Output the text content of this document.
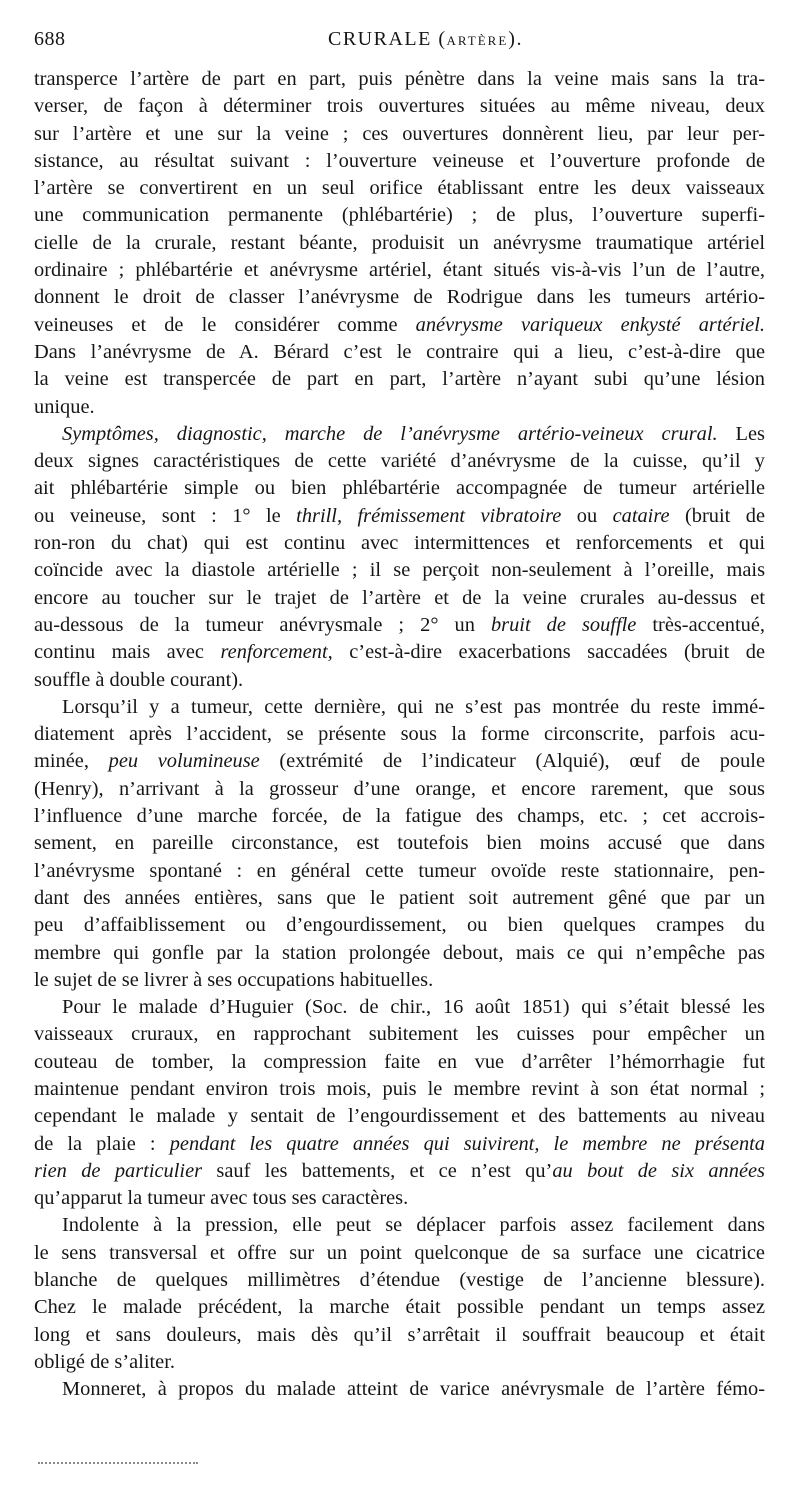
688	CRURALE (ARTÈRE).
transperce l’artère de part en part, puis pénètre dans la veine mais sans la tra-
verser, de façon à déterminer trois ouvertures situées au même niveau, deux
sur l’artère et une sur la veine ; ces ouvertures donnèrent lieu, par leur per-
sistance, au résultat suivant : l’ouverture veineuse et l’ouverture profonde de
l’artère se convertirent en un seul orifice établissant entre les deux vaisseaux
une communication permanente (phlébartérie) ; de plus, l’ouverture superfi-
cielle de la crurale, restant béante, produisit un anévrysme traumatique artériel
ordinaire ; phlébartérie et anévrysme artériel, étant situés vis-à-vis l’un de l’autre,
donnent le droit de classer l’anévrysme de Rodrigue dans les tumeurs artério-
veineuses et de le considérer comme anévrysme variqueux enkysté artériel.
Dans l’anévrysme de A. Bérard c’est le contraire qui a lieu, c’est-à-dire que
la veine est transpercée de part en part, l’artère n’ayant subi qu’une lésion
unique.
Symptômes, diagnostic, marche de l’anévrysme artério-veineux crural. Les
deux signes caractéristiques de cette variété d’anévrysme de la cuisse, qu’il y
ait phlébartérie simple ou bien phlébartérie accompagnée de tumeur artérielle
ou veineuse, sont : 1° le thrill, frémissement vibratoire ou cataire (bruit de
ron-ron du chat) qui est continu avec intermittences et renforcements et qui
coïncide avec la diastole artérielle ; il se perçoit non-seulement à l’oreille, mais
encore au toucher sur le trajet de l’artère et de la veine crurales au-dessus et
au-dessous de la tumeur anévrysmale ; 2° un bruit de souffle très-accentué,
continu mais avec renforcement, c’est-à-dire exacerbations saccadées (bruit de
souffle à double courant).
Lorsqu’il y a tumeur, cette dernière, qui ne s’est pas montrée du reste immé-
diatement après l’accident, se présente sous la forme circonscrite, parfois acu-
minée, peu volumineuse (extrémité de l’indicateur (Alquié), œuf de poule
(Henry), n’arrivant à la grosseur d’une orange, et encore rarement, que sous
l’influence d’une marche forcée, de la fatigue des champs, etc. ; cet accrois-
sement, en pareille circonstance, est toutefois bien moins accusé que dans
l’anévrysme spontané : en général cette tumeur ovoïde reste stationnaire, pen-
dant des années entières, sans que le patient soit autrement gêné que par un
peu d’affaiblissement ou d’engourdissement, ou bien quelques crampes du
membre qui gonfle par la station prolongée debout, mais ce qui n’empêche pas
le sujet de se livrer à ses occupations habituelles.
Pour le malade d’Huguier (Soc. de chir., 16 août 1851) qui s’était blessé les
vaisseaux cruraux, en rapprochant subitement les cuisses pour empêcher un
couteau de tomber, la compression faite en vue d’arrêter l’hémorrhagie fut
maintenue pendant environ trois mois, puis le membre revint à son état normal ;
cependant le malade y sentait de l’engourdissement et des battements au niveau
de la plaie : pendant les quatre années qui suivirent, le membre ne présenta
rien de particulier sauf les battements, et ce n’est qu’au bout de six années
qu’apparut la tumeur avec tous ses caractères.
Indolente à la pression, elle peut se déplacer parfois assez facilement dans
le sens transversal et offre sur un point quelconque de sa surface une cicatrice
blanche de quelques millimètres d’étendue (vestige de l’ancienne blessure).
Chez le malade précédent, la marche était possible pendant un temps assez
long et sans douleurs, mais dès qu’il s’arrêtait il souffrait beaucoup et était
obligé de s’aliter.
Monneret, à propos du malade atteint de varice anévrysmale de l’artère fémo-
